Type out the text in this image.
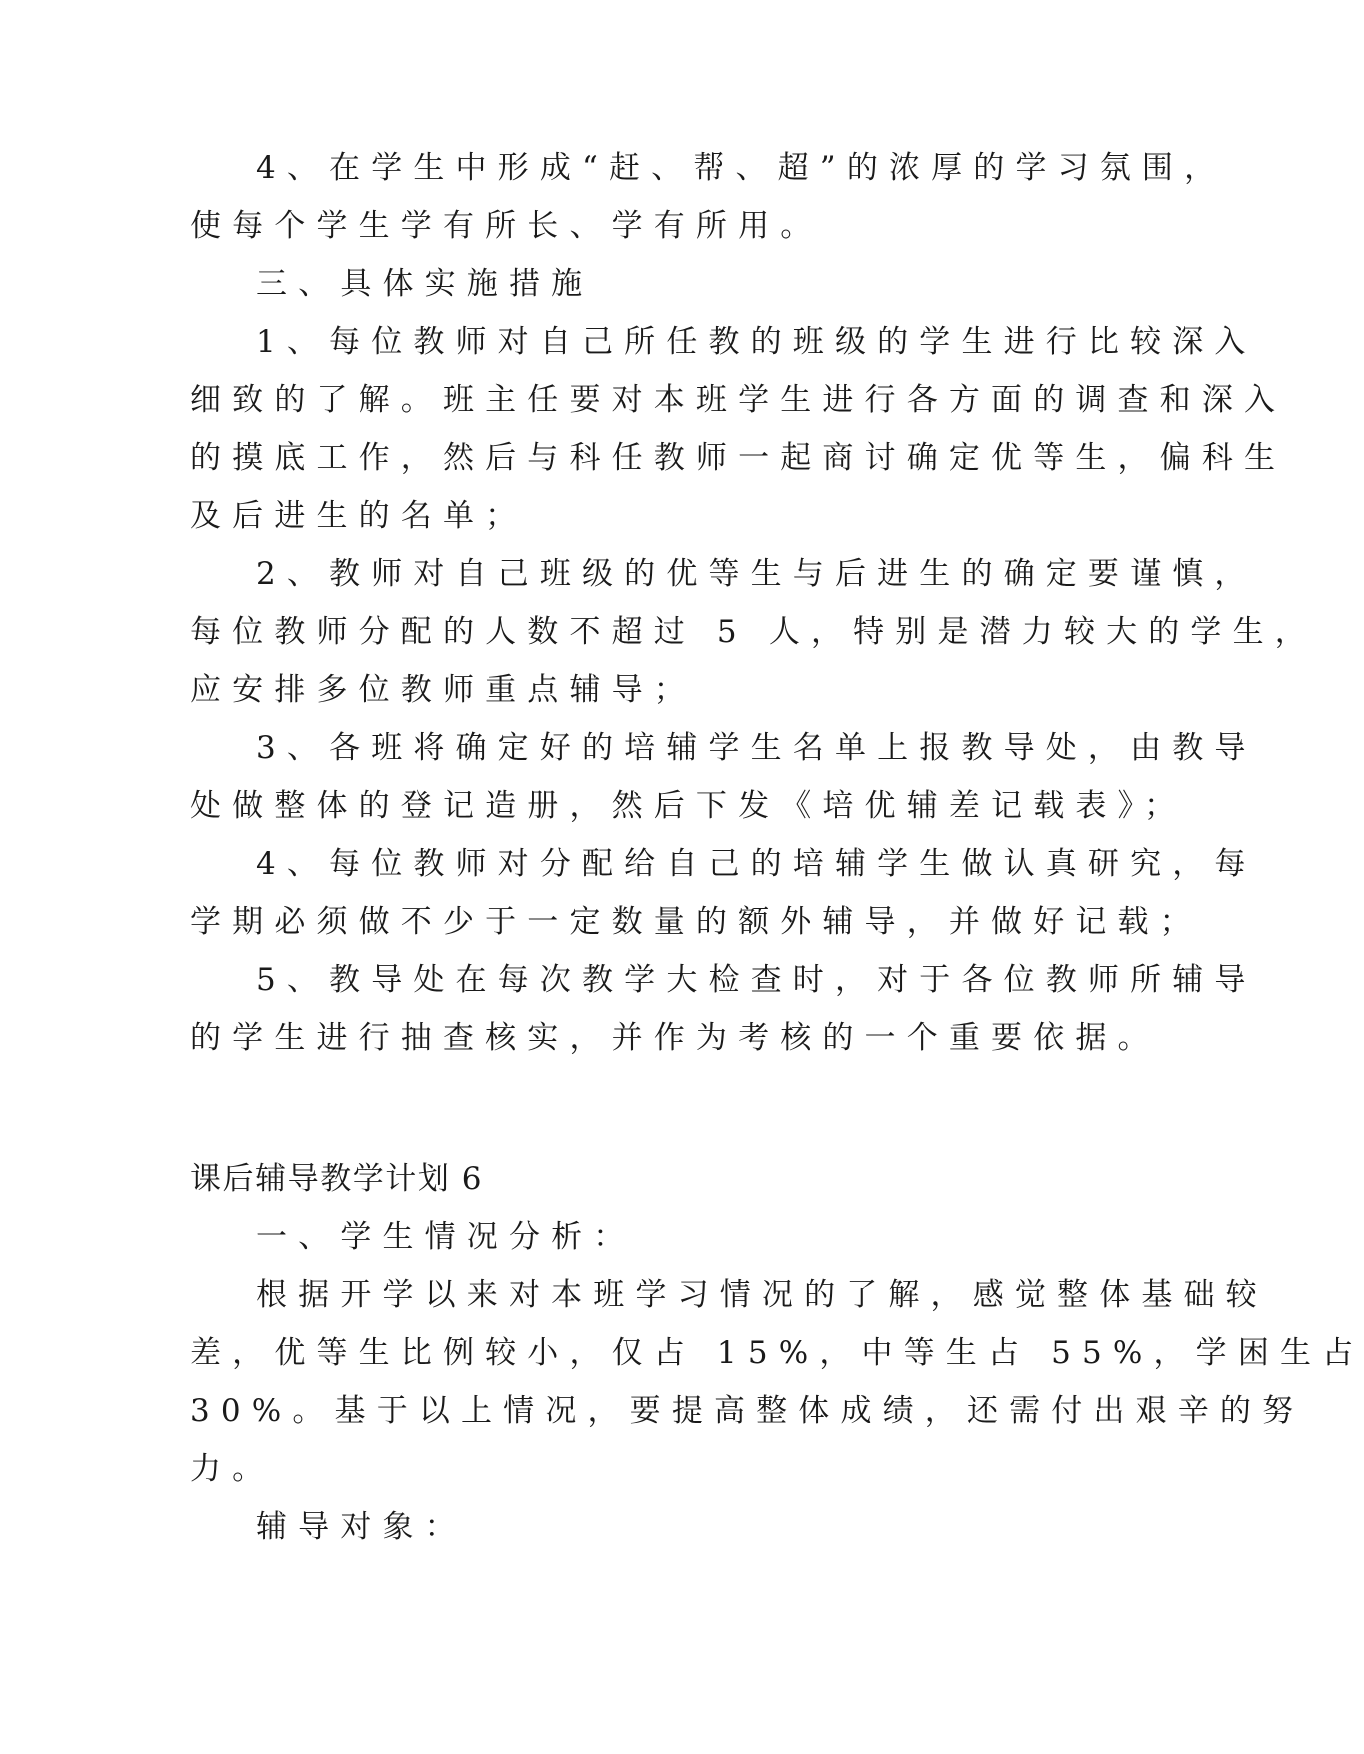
4、在学生中形成“赶、帮、超”的浓厚的学习氛围，
使每个学生学有所长、学有所用。
三、具体实施措施
1、每位教师对自己所任教的班级的学生进行比较深入
细致的了解。班主任要对本班学生进行各方面的调查和深入
的摸底工作，然后与科任教师一起商讨确定优等生，偏科生
及后进生的名单；
2、教师对自己班级的优等生与后进生的确定要谨慎，
每位教师分配的人数不超过 5 人，特别是潜力较大的学生，
应安排多位教师重点辅导；
3、各班将确定好的培辅学生名单上报教导处，由教导
处做整体的登记造册，然后下发《培优辅差记载表》；
4、每位教师对分配给自己的培辅学生做认真研究，每
学期必须做不少于一定数量的额外辅导，并做好记载；
5、教导处在每次教学大检查时，对于各位教师所辅导
的学生进行抽查核实，并作为考核的一个重要依据。
课后辅导教学计划 6
一、学生情况分析：
根据开学以来对本班学习情况的了解，感觉整体基础较
差，优等生比例较小，仅占 15%，中等生占 55%，学困生占
30%。基于以上情况，要提高整体成绩，还需付出艰辛的努
力。
辅导对象：
